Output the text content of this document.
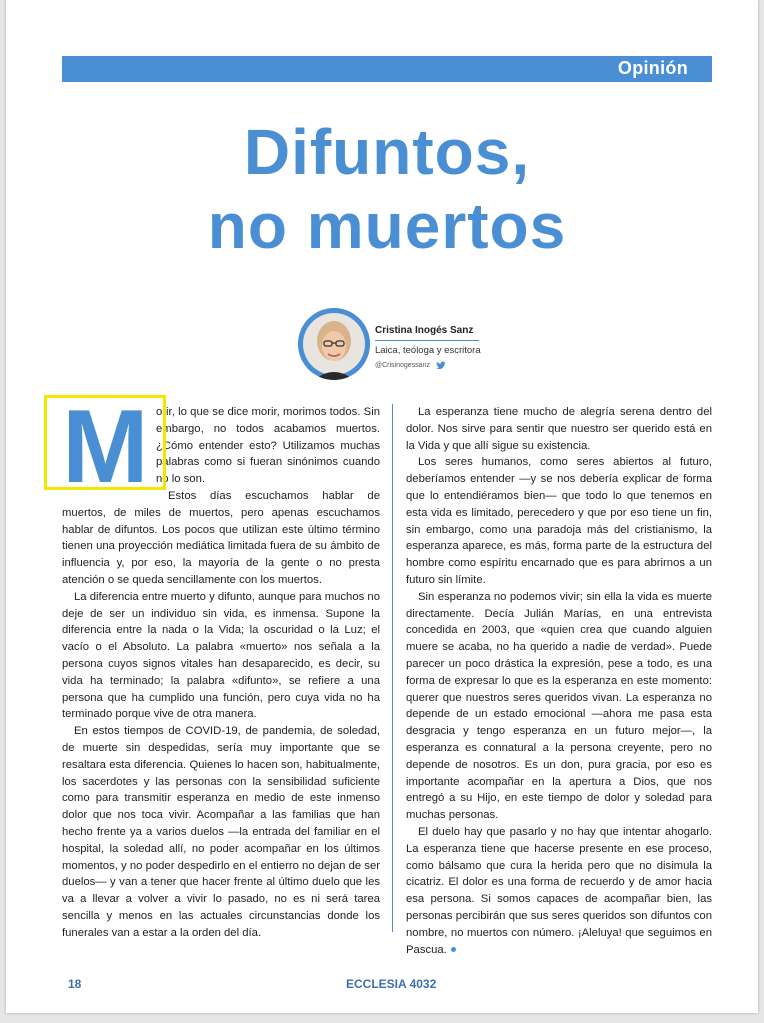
Opinión
Difuntos,
no muertos
Cristina Inogés Sanz
Laica, teóloga y escritora
@Crisinogessanz

Morir, lo que se dice morir, morimos todos. Sin embargo, no todos acabamos muertos. ¿Cómo entender esto? Utilizamos muchas palabras como si fueran sinónimos cuando no lo son.

Estos días escuchamos hablar de muertos, de miles de muertos, pero apenas escuchamos hablar de difuntos. Los pocos que utilizan este último término tienen una proyección mediática limitada fuera de su ámbito de influencia y, por eso, la mayoría de la gente o no presta atención o se queda sencillamente con los muertos.

La diferencia entre muerto y difunto, aunque para muchos no deje de ser un individuo sin vida, es inmensa. Supone la diferencia entre la nada o la Vida; la oscuridad o la Luz; el vacío o el Absoluto. La palabra «muerto» nos señala a la persona cuyos signos vitales han desaparecido, es decir, su vida ha terminado; la palabra «difunto», se refiere a una persona que ha cumplido una función, pero cuya vida no ha terminado porque vive de otra manera.

En estos tiempos de COVID-19, de pandemia, de soledad, de muerte sin despedidas, sería muy importante que se resaltara esta diferencia. Quienes lo hacen son, habitualmente, los sacerdotes y las personas con la sensibilidad suficiente como para transmitir esperanza en medio de este inmenso dolor que nos toca vivir. Acompañar a las familias que han hecho frente ya a varios duelos —la entrada del familiar en el hospital, la soledad allí, no poder acompañar en los últimos momentos, y no poder despedirlo en el entierro no dejan de ser duelos— y van a tener que hacer frente al último duelo que les va a llevar a volver a vivir lo pasado, no es ni será tarea sencilla y menos en las actuales circunstancias donde los funerales van a estar a la orden del día.

La esperanza tiene mucho de alegría serena dentro del dolor. Nos sirve para sentir que nuestro ser querido está en la Vida y que allí sigue su existencia.

Los seres humanos, como seres abiertos al futuro, deberíamos entender —y se nos debería explicar de forma que lo entendiéramos bien— que todo lo que tenemos en esta vida es limitado, perecedero y que por eso tiene un fin, sin embargo, como una paradoja más del cristianismo, la esperanza aparece, es más, forma parte de la estructura del hombre como espíritu encarnado que es para abrirnos a un futuro sin límite.

Sin esperanza no podemos vivir; sin ella la vida es muerte directamente. Decía Julián Marías, en una entrevista concedida en 2003, que «quien crea que cuando alguien muere se acaba, no ha querido a nadie de verdad». Puede parecer un poco drástica la expresión, pese a todo, es una forma de expresar lo que es la esperanza en este momento: querer que nuestros seres queridos vivan. La esperanza no depende de un estado emocional —ahora me pasa esta desgracia y tengo esperanza en un futuro mejor—, la esperanza es connatural a la persona creyente, pero no depende de nosotros. Es un don, pura gracia, por eso es importante acompañar en la apertura a Dios, que nos entregó a su Hijo, en este tiempo de dolor y soledad para muchas personas.

El duelo hay que pasarlo y no hay que intentar ahogarlo. La esperanza tiene que hacerse presente en ese proceso, como bálsamo que cura la herida pero que no disimula la cicatriz. El dolor es una forma de recuerdo y de amor hacia esa persona. Si somos capaces de acompañar bien, las personas percibirán que sus seres queridos son difuntos con nombre, no muertos con número. ¡Aleluya! que seguimos en Pascua.

18	ECCLESIA 4032
